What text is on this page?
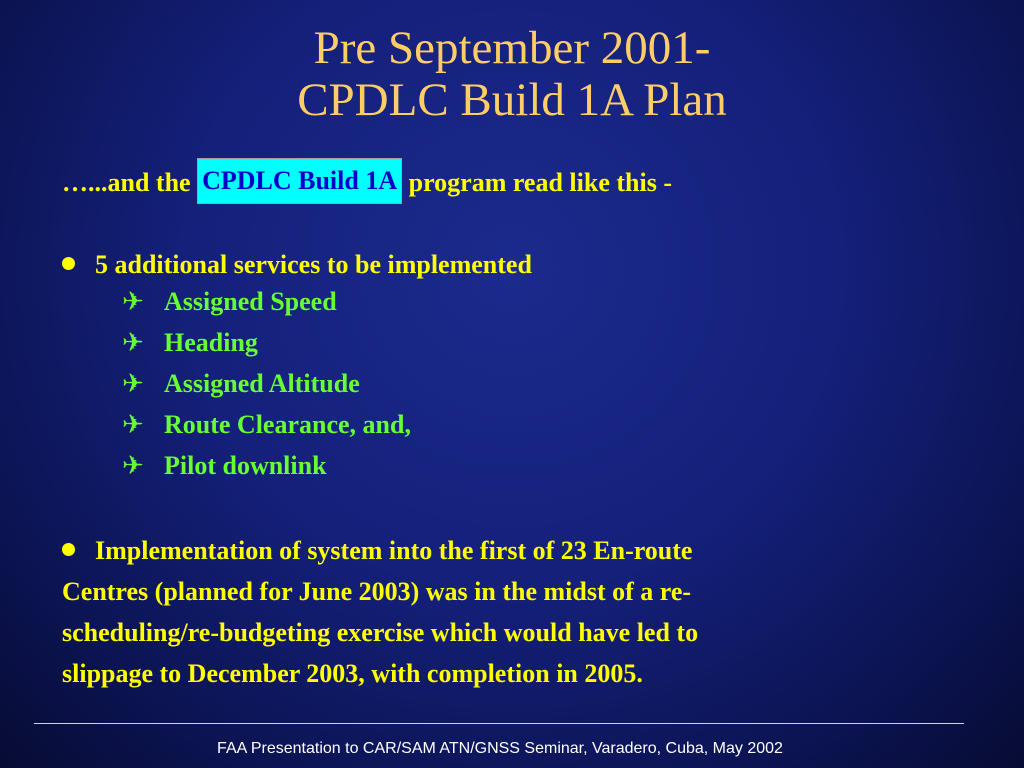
Pre September 2001-
CPDLC Build 1A Plan
…...and the CPDLC Build 1A program read like this -
5 additional services to be implemented
✈ Assigned Speed
✈ Heading
✈ Assigned Altitude
✈ Route Clearance, and,
✈ Pilot downlink
Implementation of system into the first of 23 En-route
Centres (planned for June 2003) was in the midst of a re-
scheduling/re-budgeting exercise which would have led to
slippage to December 2003, with completion in 2005.
FAA Presentation to CAR/SAM ATN/GNSS Seminar, Varadero, Cuba, May 2002
